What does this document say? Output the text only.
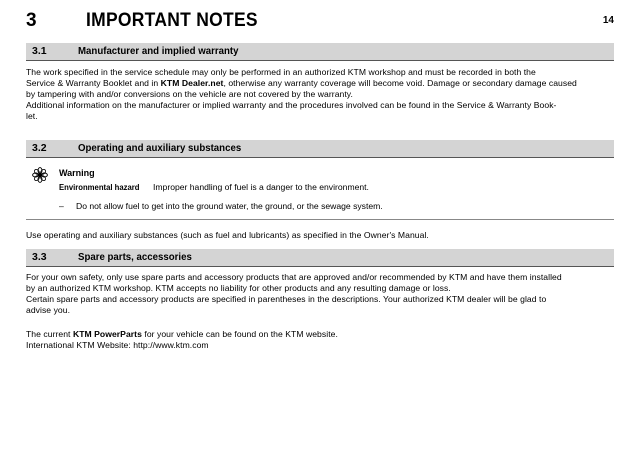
3	IMPORTANT NOTES	14
3.1	Manufacturer and implied warranty
The work specified in the service schedule may only be performed in an authorized KTM workshop and must be recorded in both the
Service & Warranty Booklet and in KTM Dealer.net, otherwise any warranty coverage will become void. Damage or secondary damage caused
by tampering with and/or conversions on the vehicle are not covered by the warranty.
Additional information on the manufacturer or implied warranty and the procedures involved can be found in the Service & Warranty Book-
let.
3.2	Operating and auxiliary substances
Warning
Environmental hazard Improper handling of fuel is a danger to the environment.
– Do not allow fuel to get into the ground water, the ground, or the sewage system.
Use operating and auxiliary substances (such as fuel and lubricants) as specified in the Owner's Manual.
3.3	Spare parts, accessories
For your own safety, only use spare parts and accessory products that are approved and/or recommended by KTM and have them installed
by an authorized KTM workshop. KTM accepts no liability for other products and any resulting damage or loss.
Certain spare parts and accessory products are specified in parentheses in the descriptions. Your authorized KTM dealer will be glad to
advise you.
The current KTM PowerParts for your vehicle can be found on the KTM website.
International KTM Website: http://www.ktm.com
